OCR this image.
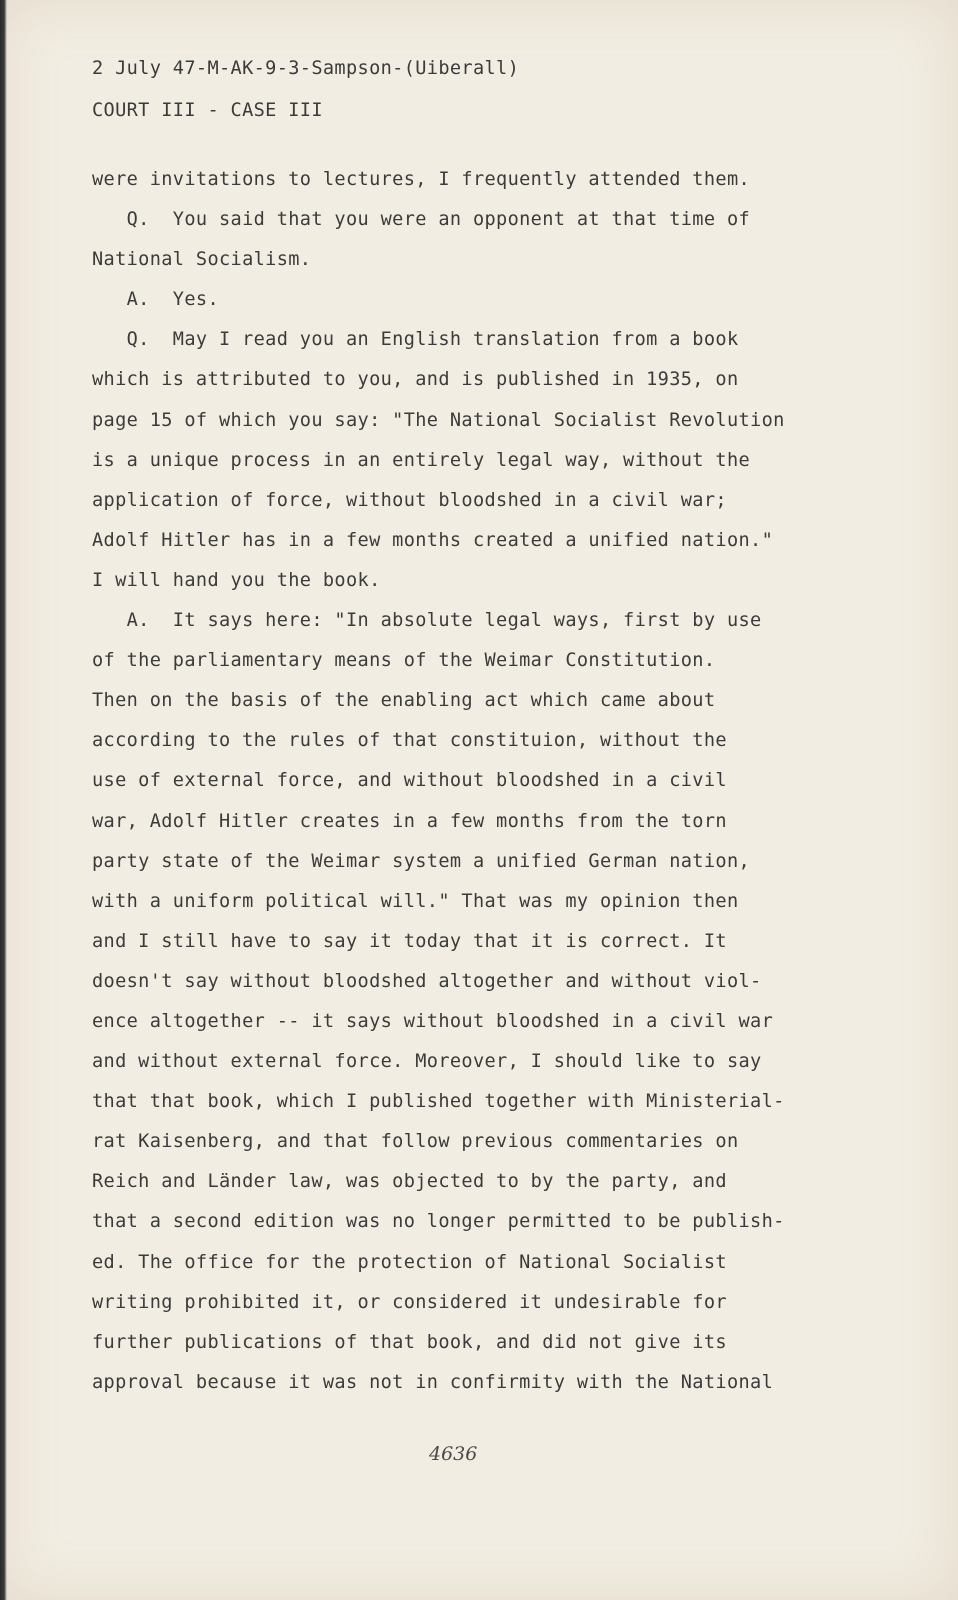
2 July 47-M-AK-9-3-Sampson-(Uiberall)
COURT III - CASE III
were invitations to lectures, I frequently attended them.
Q.  You said that you were an opponent at that time of
National Socialism.
A.  Yes.
Q.  May I read you an English translation from a book
which is attributed to you, and is published in 1935, on
page 15 of which you say: "The National Socialist Revolution
is a unique process in an entirely legal way, without the
application of force, without bloodshed in a civil war;
Adolf Hitler has in a few months created a unified nation."
I will hand you the book.
A.  It says here: "In absolute legal ways, first by use
of the parliamentary means of the Weimar Constitution.
Then on the basis of the enabling act which came about
according to the rules of that constituion, without the
use of external force, and without bloodshed in a civil
war, Adolf Hitler creates in a few months from the torn
party state of the Weimar system a unified German nation,
with a uniform political will." That was my opinion then
and I still have to say it today that it is correct. It
doesn't say without bloodshed altogether and without viol-
ence altogether -- it says without bloodshed in a civil war
and without external force. Moreover, I should like to say
that that book, which I published together with Ministerial-
rat Kaisenberg, and that follow previous commentaries on
Reich and Länder law, was objected to by the party, and
that a second edition was no longer permitted to be publish-
ed. The office for the protection of National Socialist
writing prohibited it, or considered it undesirable for
further publications of that book, and did not give its
approval because it was not in confirmity with the National
4636
